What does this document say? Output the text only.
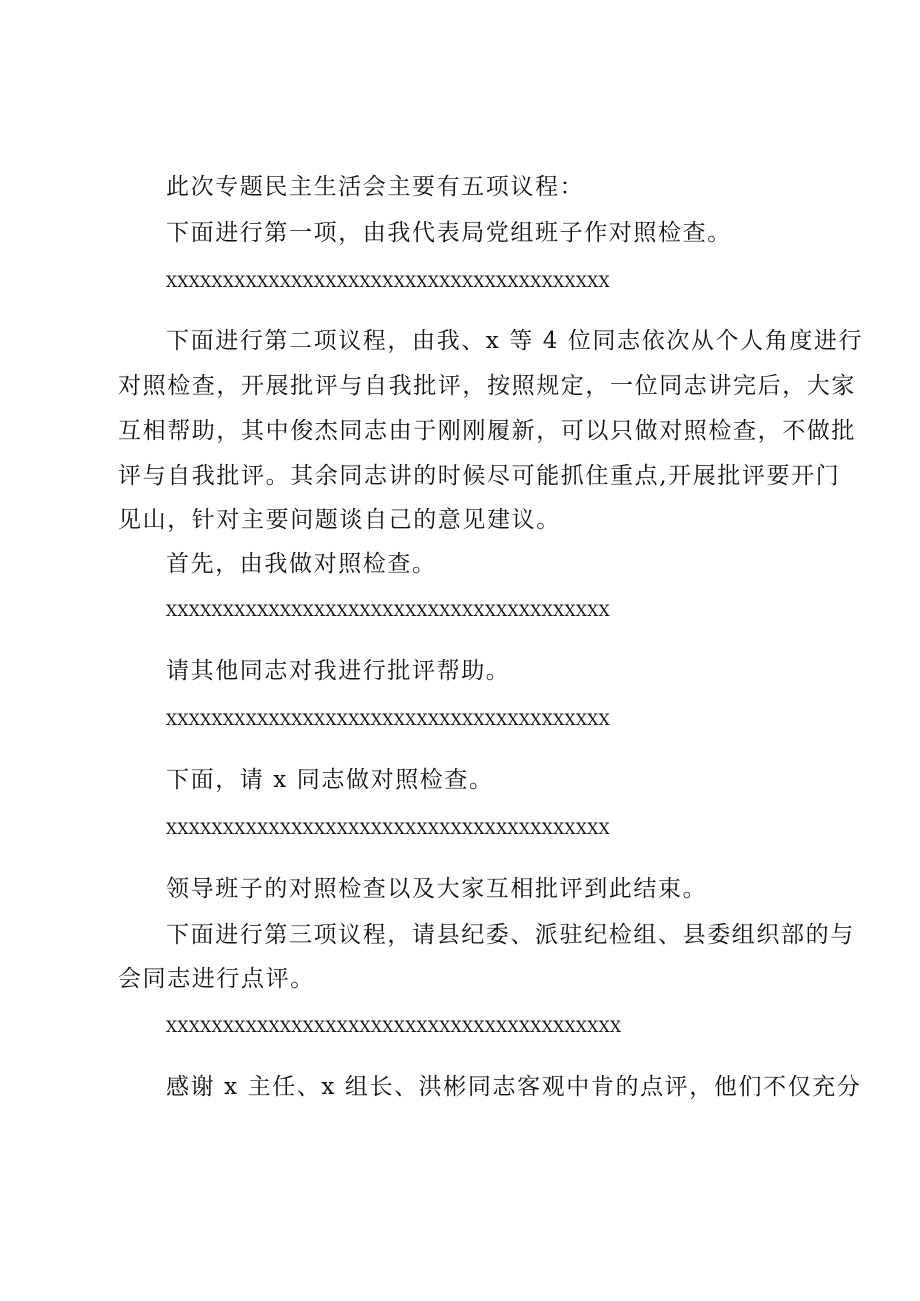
此次专题民主生活会主要有五项议程：
下面进行第一项，由我代表局党组班子作对照检查。
XXXXXXXXXXXXXXXXXXXXXXXXXXXXXXXXXXXXXXX
下面进行第二项议程，由我、x 等 4 位同志依次从个人角度进行
对照检查，开展批评与自我批评，按照规定，一位同志讲完后，大家
互相帮助，其中俊杰同志由于刚刚履新，可以只做对照检查，不做批
评与自我批评。其余同志讲的时候尽可能抓住重点,开展批评要开门
见山，针对主要问题谈自己的意见建议。
首先，由我做对照检查。
XXXXXXXXXXXXXXXXXXXXXXXXXXXXXXXXXXXXXXX
请其他同志对我进行批评帮助。
XXXXXXXXXXXXXXXXXXXXXXXXXXXXXXXXXXXXXXX
下面，请 x 同志做对照检查。
XXXXXXXXXXXXXXXXXXXXXXXXXXXXXXXXXXXXXXX
领导班子的对照检查以及大家互相批评到此结束。
下面进行第三项议程，请县纪委、派驻纪检组、县委组织部的与
会同志进行点评。
XXXXXXXXXXXXXXXXXXXXXXXXXXXXXXXXXXXXXXXX
感谢 x 主任、x 组长、洪彬同志客观中肯的点评，他们不仅充分
